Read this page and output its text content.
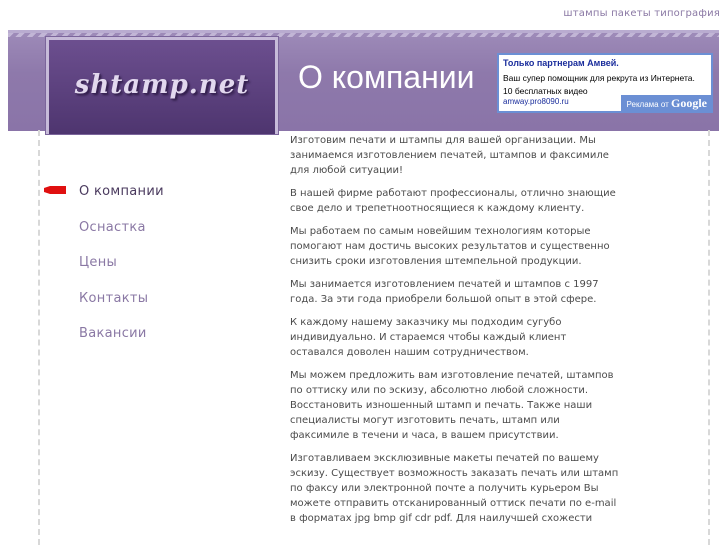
штампы пакеты типография
shtamp.net	О компании	Только партнерам Амвей.
Ваш супер помощник для рекрута из Интернета. 10 бесплатных видео
amway.pro8090.ru	Реклама от Google
О компании
Оснастка
Цены
Контакты
Вакансии

Изготовим печати и штампы для вашей организации. Мы занимаемся изготовлением печатей, штампов и факсимиле для любой ситуации!

В нашей фирме работают профессионалы, отлично знающие свое дело и трепетноотносящиеся к каждому клиенту.

Мы работаем по самым новейшим технологиям которые помогают нам достичь высоких результатов и существенно снизить сроки изготовления штемпельной продукции.

Мы занимается изготовлением печатей и штампов с 1997 года. За эти года приобрели большой опыт в этой сфере.

К каждому нашему заказчику мы подходим сугубо индивидуально. И стараемся чтобы каждый клиент оставался доволен нашим сотрудничеством.

Мы можем предложить вам изготовление печатей, штампов по оттиску или по эскизу, абсолютно любой сложности. Восстановить изношенный штамп и печать. Также наши специалисты могут изготовить печать, штамп или факсимиле в течени и часа, в вашем присутствии.

Изготавливаем эксклюзивные макеты печатей по вашему эскизу. Существует возможность заказать печать или штамп по факсу или электронной почте а получить курьером Вы можете отправить отсканированный оттиск печати по e-mail в форматах jpg bmp gif cdr pdf. Для наилучшей схожести
